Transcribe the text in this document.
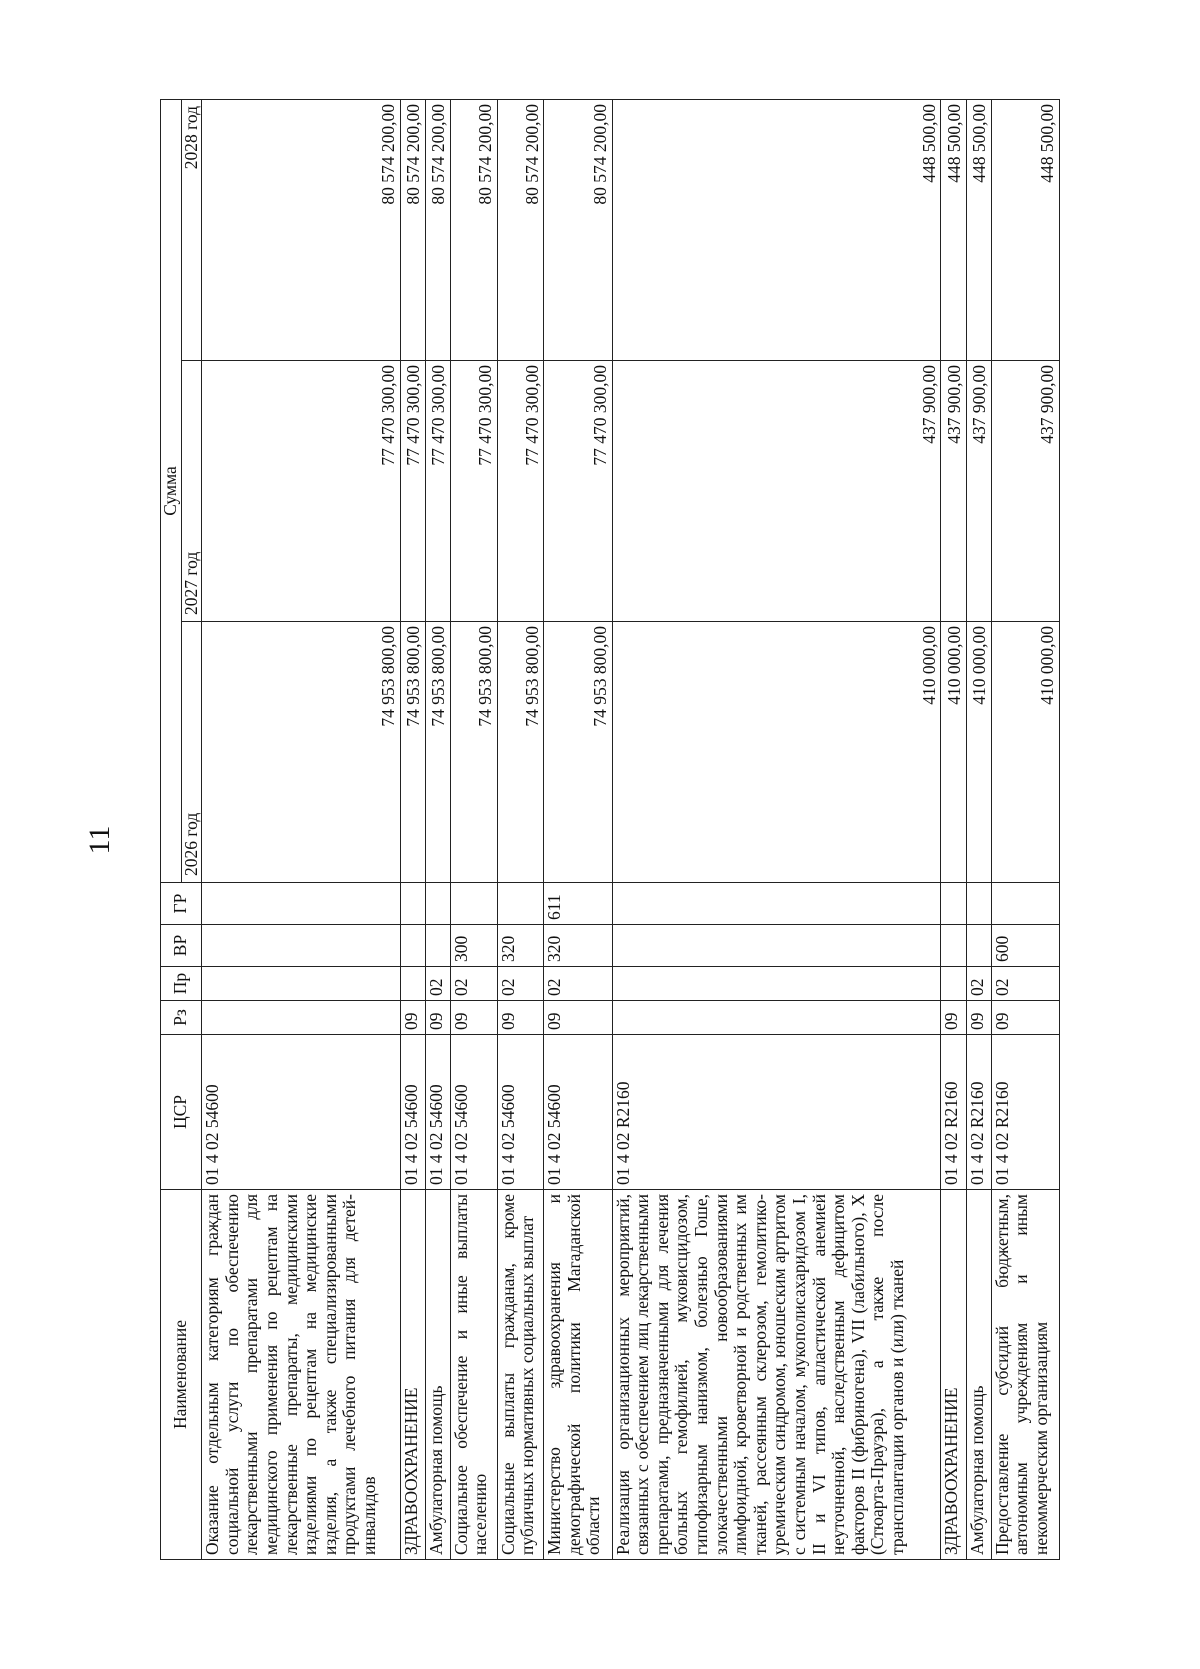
11
Наименование	ЦСР	Рз	Пр	ВР	ГР	Сумма		
						2026 год	2027 год	2028 год
Оказание отдельным категориям граждан социальной услуги по обеспечению лекарственными препаратами для медицинского применения по рецептам на лекарственные препараты, медицинскими изделиями по рецептам на медицинские изделия, а также специализированными продуктами лечебного питания для детей-инвалидов	01 4 02 54600					74 953 800,00	77 470 300,00	80 574 200,00
ЗДРАВООХРАНЕНИЕ	01 4 02 54600	09				74 953 800,00	77 470 300,00	80 574 200,00
Амбулаторная помощь	01 4 02 54600	09	02			74 953 800,00	77 470 300,00	80 574 200,00
Социальное обеспечение и иные выплаты населению	01 4 02 54600	09	02	300		74 953 800,00	77 470 300,00	80 574 200,00
Социальные выплаты гражданам, кроме публичных нормативных социальных выплат	01 4 02 54600	09	02	320		74 953 800,00	77 470 300,00	80 574 200,00
Министерство здравоохранения и демографической политики Магаданской области	01 4 02 54600	09	02	320	611	74 953 800,00	77 470 300,00	80 574 200,00
Реализация организационных мероприятий, связанных с обеспечением лиц лекарственными препаратами, предназначенными для лечения больных гемофилией, муковисцидозом, гипофизарным нанизмом, болезнью Гоше, злокачественными новообразованиями лимфоидной, кроветворной и родственных им тканей, рассеянным склерозом, гемолитико-уремическим синдромом, юношеским артритом с системным началом, мукополисахаридозом I, II и VI типов, апластической анемией неуточненной, наследственным дефицитом факторов II (фибриногена), VII (лабильного), X (Стюарта-Прауэра), а также после трансплантации органов и (или) тканей	01 4 02 R2160					410 000,00	437 900,00	448 500,00
ЗДРАВООХРАНЕНИЕ	01 4 02 R2160	09				410 000,00	437 900,00	448 500,00
Амбулаторная помощь	01 4 02 R2160	09	02			410 000,00	437 900,00	448 500,00
Предоставление субсидий бюджетным, автономным учреждениям и иным некоммерческим организациям	01 4 02 R2160	09	02	600		410 000,00	437 900,00	448 500,00
